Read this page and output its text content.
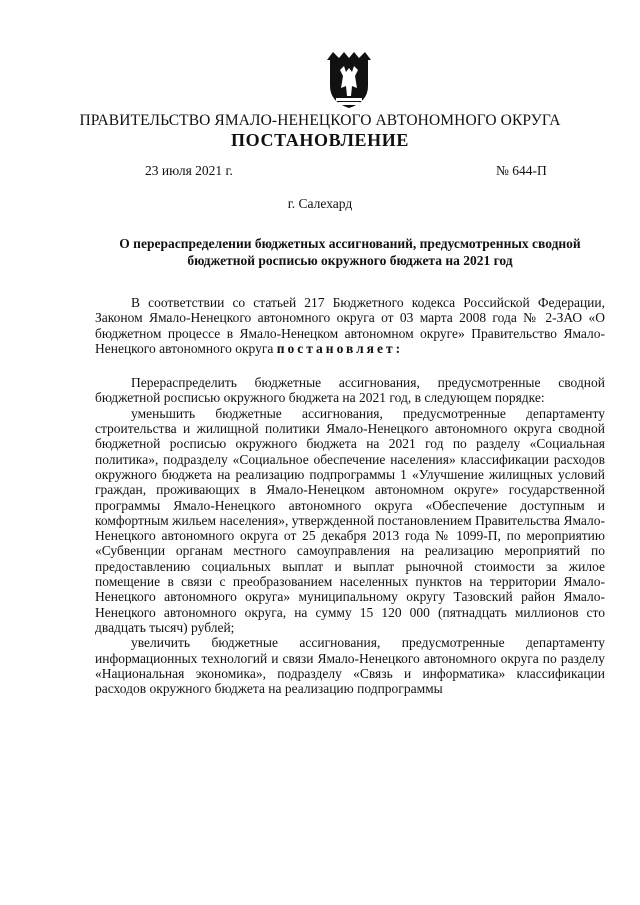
ПРАВИТЕЛЬСТВО ЯМАЛО-НЕНЕЦКОГО АВТОНОМНОГО ОКРУГА
ПОСТАНОВЛЕНИЕ
23 июля 2021 г.	№ 644-П
г. Салехард
О перераспределении бюджетных ассигнований, предусмотренных сводной бюджетной росписью окружного бюджета на 2021 год

В соответствии со статьей 217 Бюджетного кодекса Российской Федерации, Законом Ямало-Ненецкого автономного округа от 03 марта 2008 года № 2-ЗАО «О бюджетном процессе в Ямало-Ненецком автономном округе» Правительство Ямало-Ненецкого автономного округа постановляет:

Перераспределить бюджетные ассигнования, предусмотренные сводной бюджетной росписью окружного бюджета на 2021 год, в следующем порядке:

уменьшить бюджетные ассигнования, предусмотренные департаменту строительства и жилищной политики Ямало-Ненецкого автономного округа сводной бюджетной росписью окружного бюджета на 2021 год по разделу «Социальная политика», подразделу «Социальное обеспечение населения» классификации расходов окружного бюджета на реализацию подпрограммы 1 «Улучшение жилищных условий граждан, проживающих в Ямало-Ненецком автономном округе» государственной программы Ямало-Ненецкого автономного округа «Обеспечение доступным и комфортным жильем населения», утвержденной постановлением Правительства Ямало-Ненецкого автономного округа от 25 декабря 2013 года № 1099-П, по мероприятию «Субвенции органам местного самоуправления на реализацию мероприятий по предоставлению социальных выплат и выплат рыночной стоимости за жилое помещение в связи с преобразованием населенных пунктов на территории Ямало-Ненецкого автономного округа» муниципальному округу Тазовский район Ямало-Ненецкого автономного округа, на сумму 15 120 000 (пятнадцать миллионов сто двадцать тысяч) рублей;

увеличить бюджетные ассигнования, предусмотренные департаменту информационных технологий и связи Ямало-Ненецкого автономного округа по разделу «Национальная экономика», подразделу «Связь и информатика» классификации расходов окружного бюджета на реализацию подпрограммы
